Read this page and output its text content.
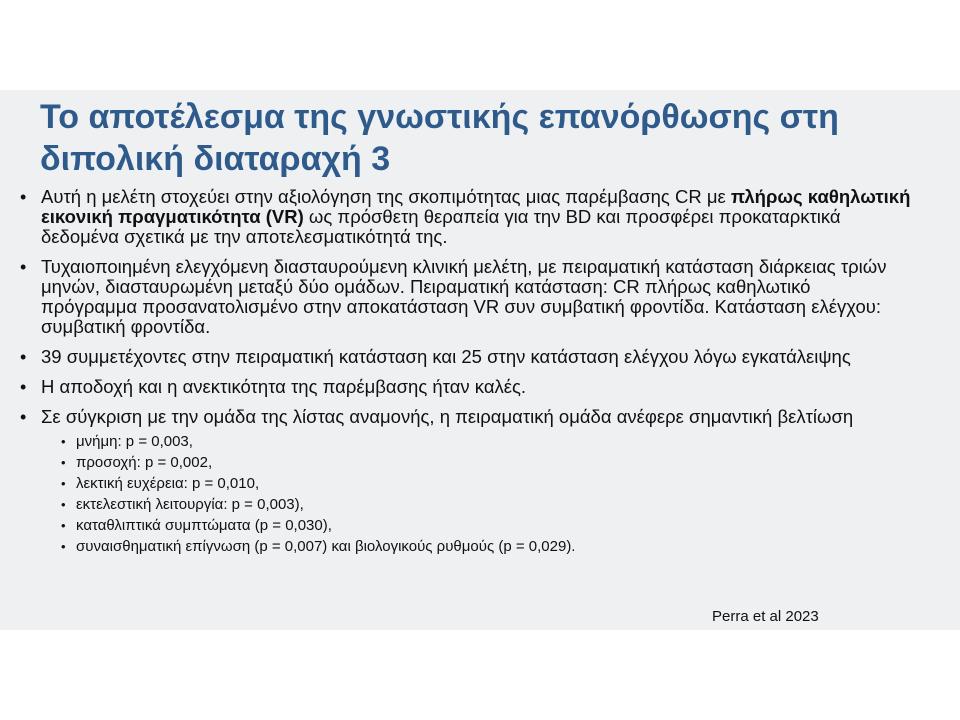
Το αποτέλεσμα της γνωστικής επανόρθωσης στη διπολική διαταραχή 3
• Αυτή η μελέτη στοχεύει στην αξιολόγηση της σκοπιμότητας μιας παρέμβασης CR με πλήρως καθηλωτική εικονική πραγματικότητα (VR) ως πρόσθετη θεραπεία για την BD και προσφέρει προκαταρκτικά δεδομένα σχετικά με την αποτελεσματικότητά της.
• Τυχαιοποιημένη ελεγχόμενη διασταυρούμενη κλινική μελέτη, με πειραματική κατάσταση διάρκειας τριών μηνών, διασταυρωμένη μεταξύ δύο ομάδων. Πειραματική κατάσταση: CR πλήρως καθηλωτικό πρόγραμμα προσανατολισμένο στην αποκατάσταση VR συν συμβατική φροντίδα. Κατάσταση ελέγχου: συμβατική φροντίδα.
• 39 συμμετέχοντες στην πειραματική κατάσταση και 25 στην κατάσταση ελέγχου λόγω εγκατάλειψης
• Η αποδοχή και η ανεκτικότητα της παρέμβασης ήταν καλές.
• Σε σύγκριση με την ομάδα της λίστας αναμονής, η πειραματική ομάδα ανέφερε σημαντική βελτίωση
• μνήμη: p = 0,003,
• προσοχή: p = 0,002,
• λεκτική ευχέρεια: p = 0,010,
• εκτελεστική λειτουργία: p = 0,003),
• καταθλιπτικά συμπτώματα (p = 0,030),
• συναισθηματική επίγνωση (p = 0,007) και βιολογικούς ρυθμούς (p = 0,029).
Perra et al 2023
